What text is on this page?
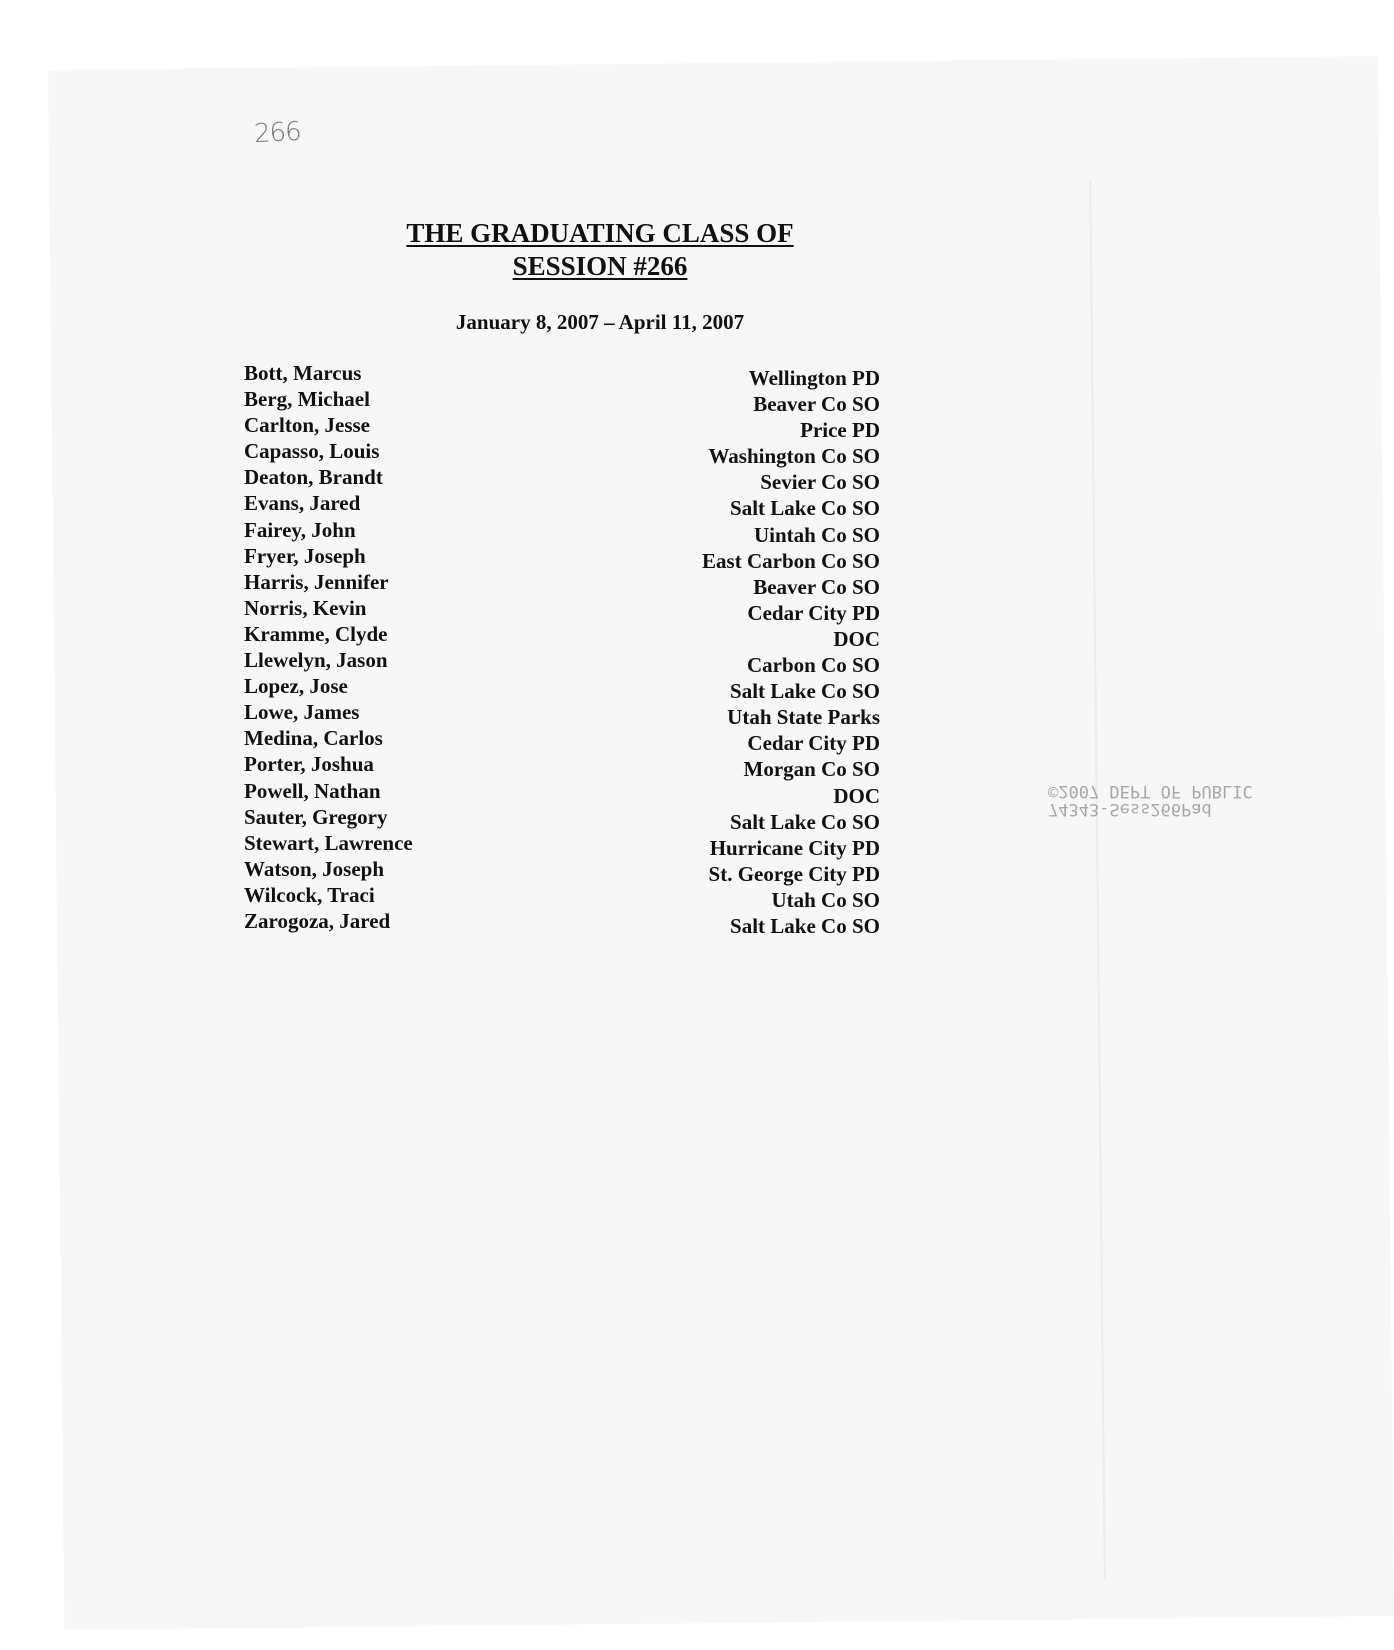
266
THE GRADUATING CLASS OF
SESSION #266
January 8, 2007 – April 11, 2007
Bott, Marcus	Wellington PD
Berg, Michael	Beaver Co SO
Carlton, Jesse	Price PD
Capasso, Louis	Washington Co SO
Deaton, Brandt	Sevier Co SO
Evans, Jared	Salt Lake Co SO
Fairey, John	Uintah Co SO
Fryer, Joseph	East Carbon Co SO
Harris, Jennifer	Beaver Co SO
Norris, Kevin	Cedar City PD
Kramme, Clyde	DOC
Llewelyn, Jason	Carbon Co SO
Lopez, Jose	Salt Lake Co SO
Lowe, James	Utah State Parks
Medina, Carlos	Cedar City PD
Porter, Joshua	Morgan Co SO
Powell, Nathan	DOC
Sauter, Gregory	Salt Lake Co SO
Stewart, Lawrence	Hurricane City PD
Watson, Joseph	St. George City PD
Wilcock, Traci	Utah Co SO
Zarogoza, Jared	Salt Lake Co SO
74343-Sess266Pad
©2007 DEPT OF PUBLIC
